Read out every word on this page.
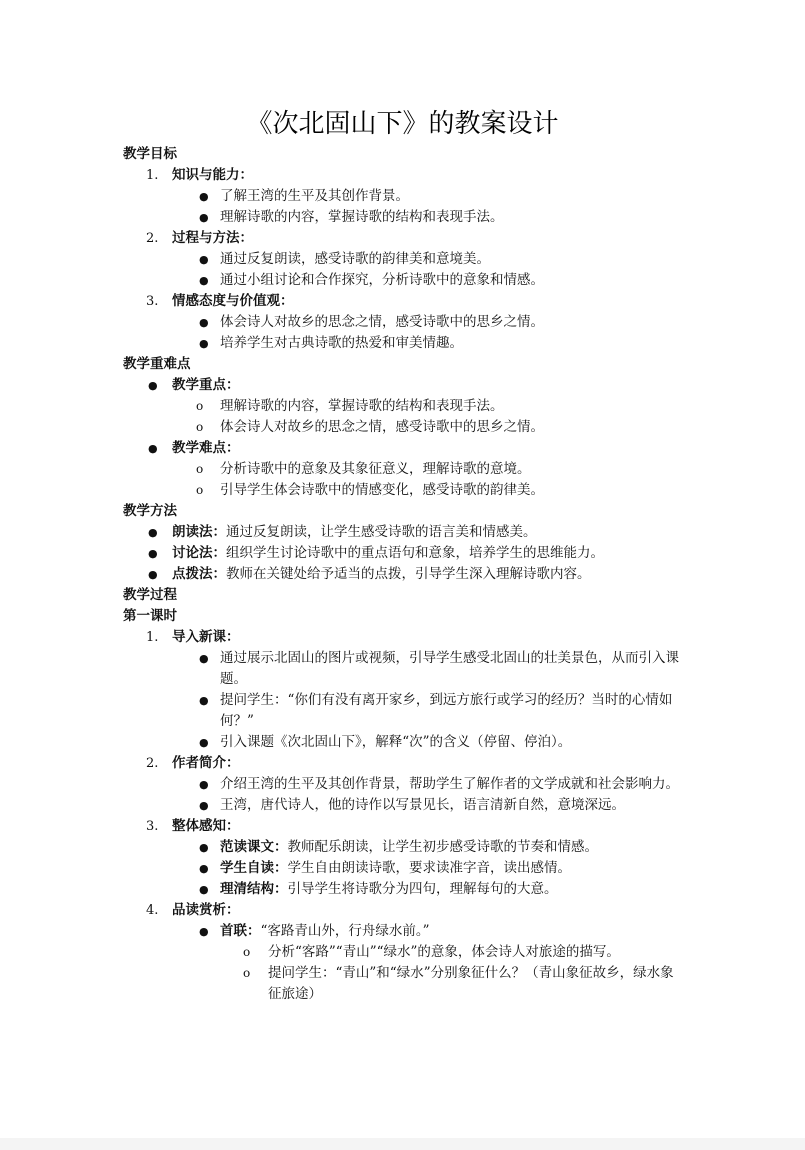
《次北固山下》的教案设计
教学目标
1. 知识与能力：
● 了解王湾的生平及其创作背景。
● 理解诗歌的内容，掌握诗歌的结构和表现手法。
2. 过程与方法：
● 通过反复朗读，感受诗歌的韵律美和意境美。
● 通过小组讨论和合作探究，分析诗歌中的意象和情感。
3. 情感态度与价值观：
● 体会诗人对故乡的思念之情，感受诗歌中的思乡之情。
● 培养学生对古典诗歌的热爱和审美情趣。
教学重难点
● 教学重点：
o 理解诗歌的内容，掌握诗歌的结构和表现手法。
o 体会诗人对故乡的思念之情，感受诗歌中的思乡之情。
● 教学难点：
o 分析诗歌中的意象及其象征意义，理解诗歌的意境。
o 引导学生体会诗歌中的情感变化，感受诗歌的韵律美。
教学方法
● 朗读法：通过反复朗读，让学生感受诗歌的语言美和情感美。
● 讨论法：组织学生讨论诗歌中的重点语句和意象，培养学生的思维能力。
● 点拨法：教师在关键处给予适当的点拨，引导学生深入理解诗歌内容。
教学过程
第一课时
1. 导入新课：
● 通过展示北固山的图片或视频，引导学生感受北固山的壮美景色，从而引入课题。
● 提问学生：“你们有没有离开家乡，到远方旅行或学习的经历？当时的心情如何？”
● 引入课题《次北固山下》，解释“次”的含义（停留、停泊）。
2. 作者简介：
● 介绍王湾的生平及其创作背景，帮助学生了解作者的文学成就和社会影响力。
● 王湾，唐代诗人，他的诗作以写景见长，语言清新自然，意境深远。
3. 整体感知：
● 范读课文：教师配乐朗读，让学生初步感受诗歌的节奏和情感。
● 学生自读：学生自由朗读诗歌，要求读准字音，读出感情。
● 理清结构：引导学生将诗歌分为四句，理解每句的大意。
4. 品读赏析：
● 首联：“客路青山外，行舟绿水前。”
o 分析“客路”“青山”“绿水”的意象，体会诗人对旅途的描写。
o 提问学生：“青山”和“绿水”分别象征什么？（青山象征故乡，绿水象征旅途）
